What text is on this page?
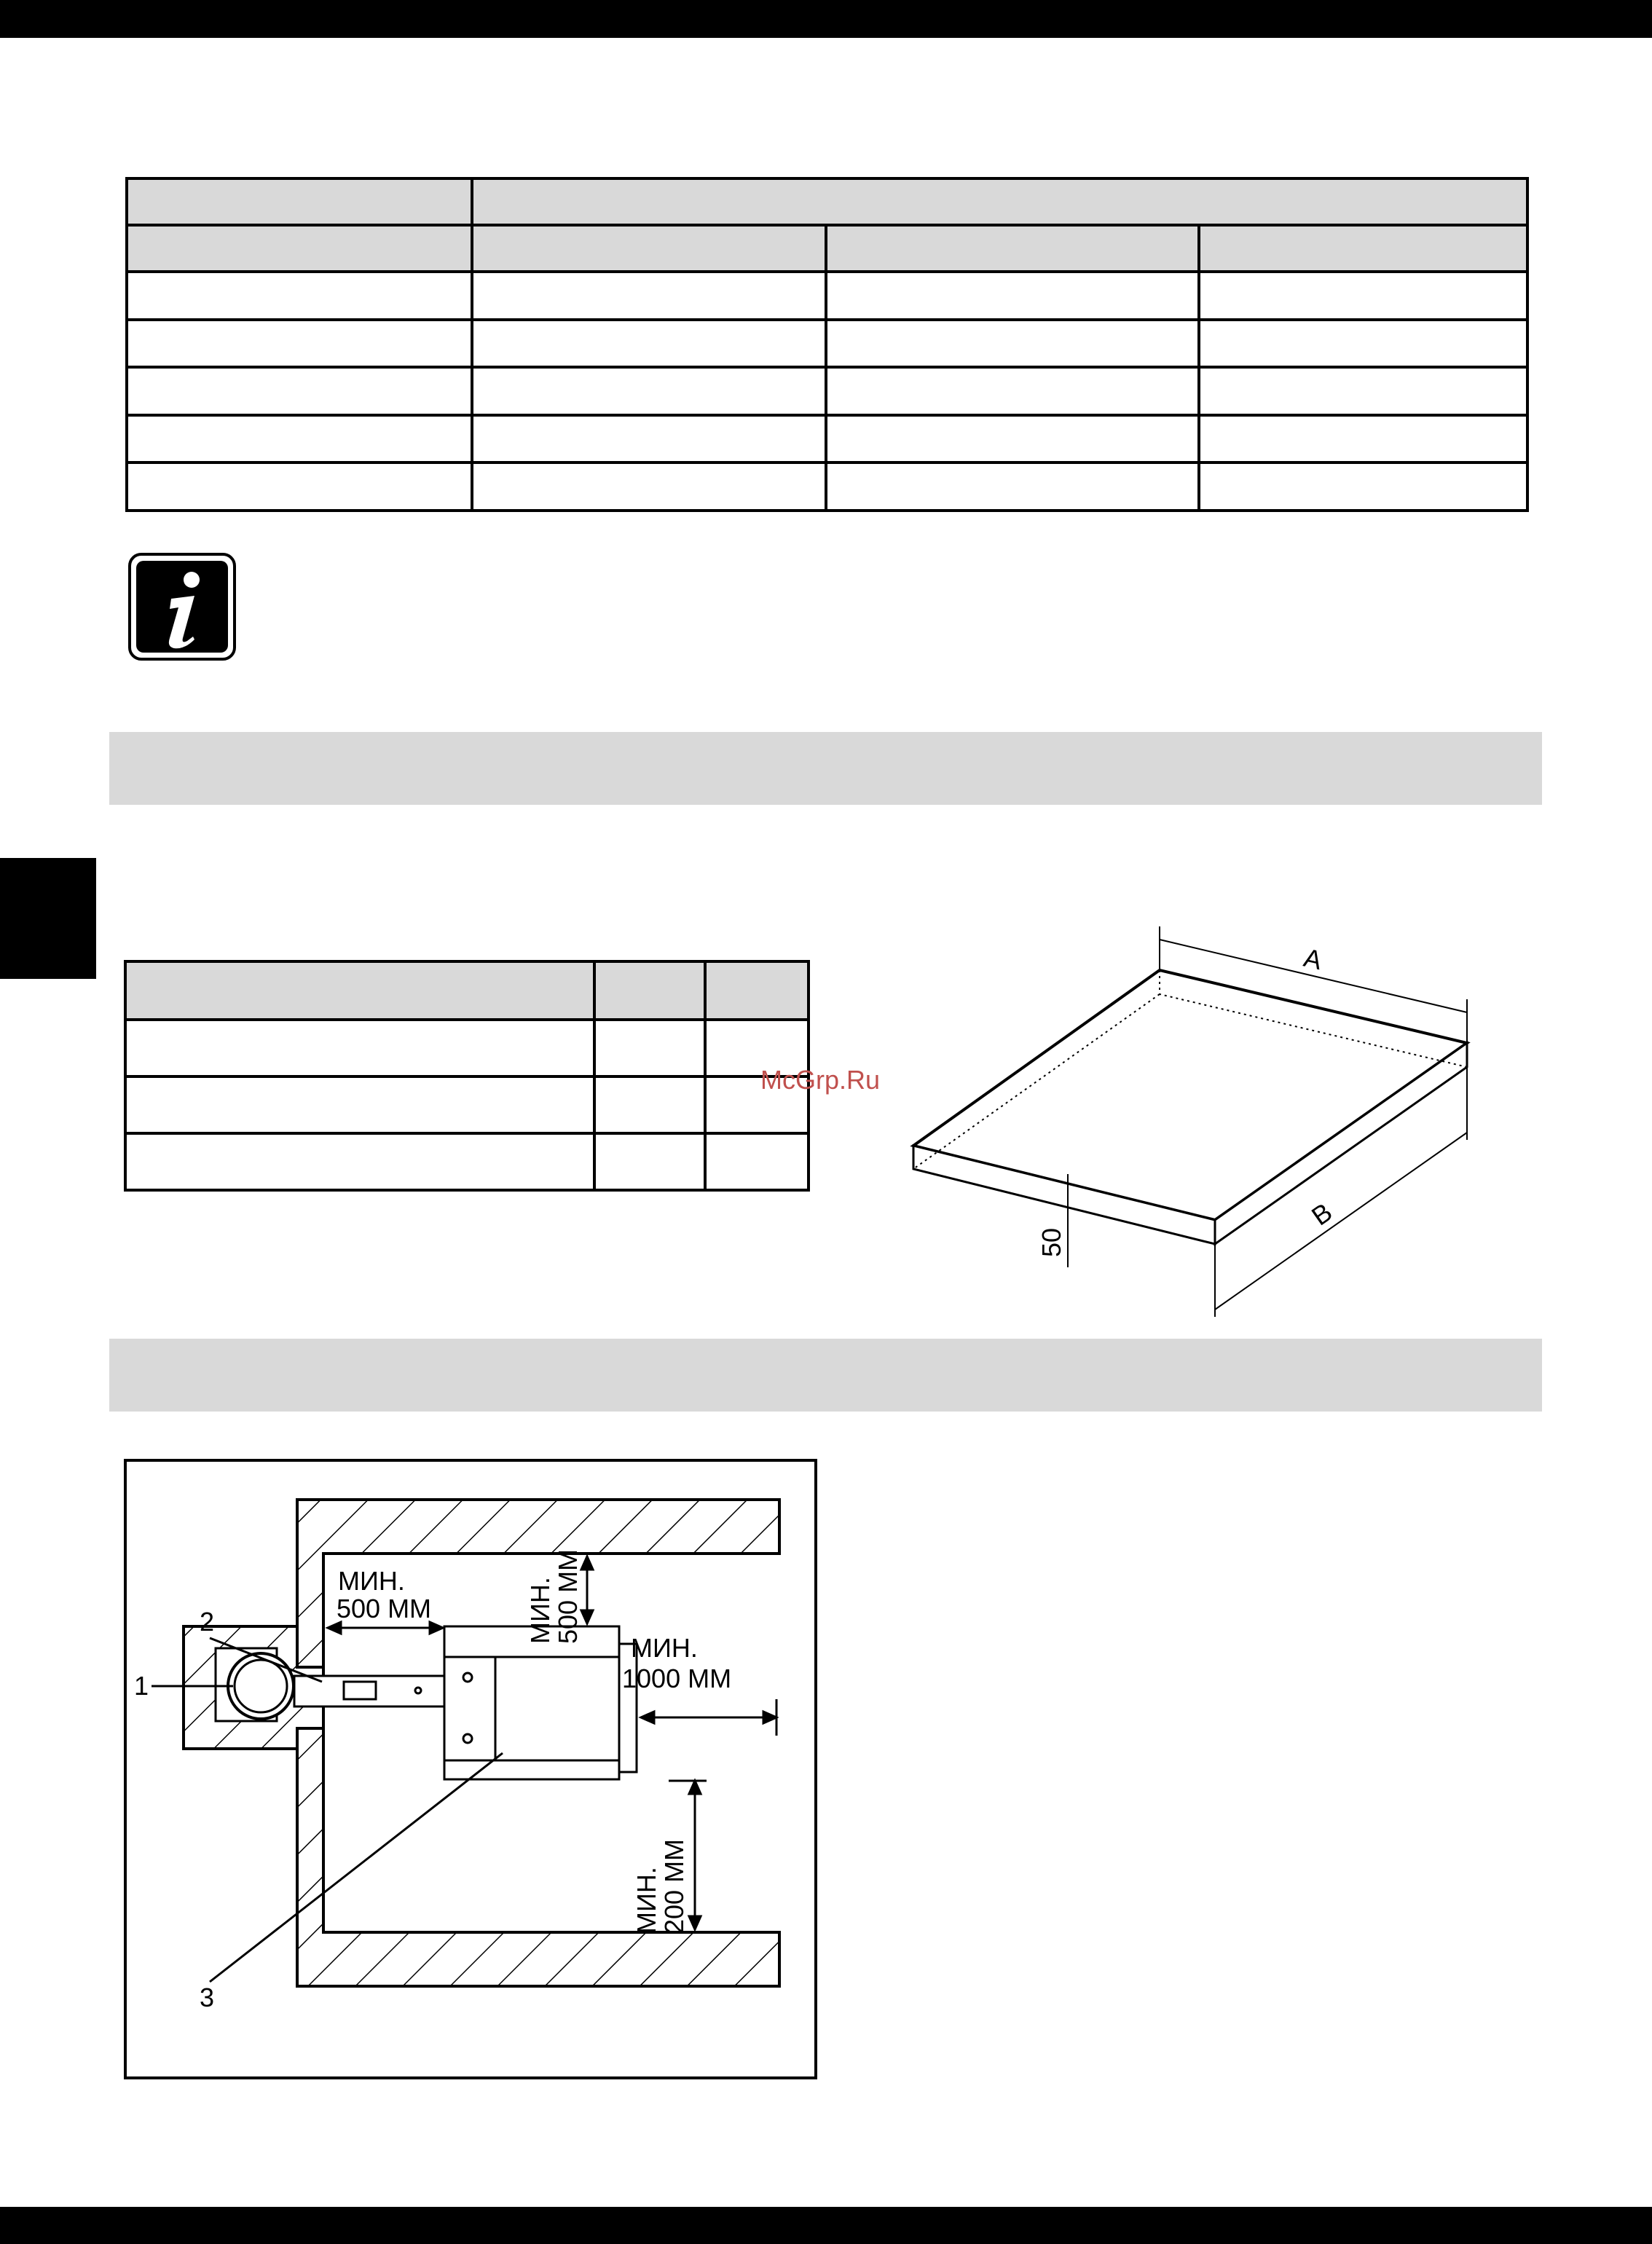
McGrp.Ru
A
B
50
1
2
3
МИН.
500 ММ	МИН.
500 ММ
МИН.
1000 ММ
МИН.
200 ММ
